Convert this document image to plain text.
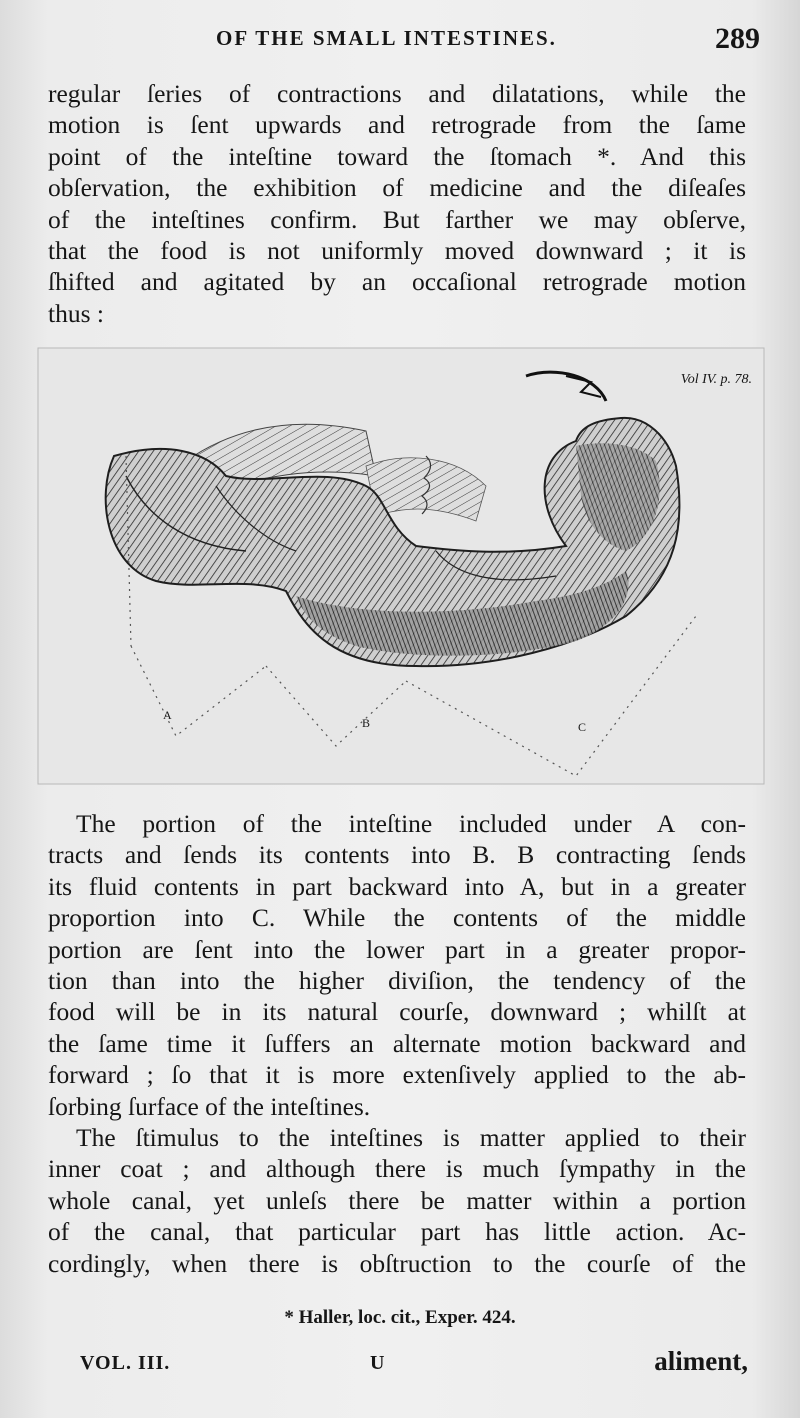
OF THE SMALL INTESTINES.	289

regular ſeries of contractions and dilatations, while the
motion is ſent upwards and retrograde from the ſame
point of the inteſtine toward the ſtomach *. And this
obſervation, the exhibition of medicine and the diſeaſes
of the inteſtines confirm. But farther we may obſerve,
that the food is not uniformly moved downward ; it is
ſhifted and agitated by an occaſional retrograde motion
thus :

Vol IV. p. 78.
A
B	C

The portion of the inteſtine included under A con-
tracts and ſends its contents into B. B contracting ſends
its fluid contents in part backward into A, but in a greater
proportion into C. While the contents of the middle
portion are ſent into the lower part in a greater propor-
tion than into the higher diviſion, the tendency of the
food will be in its natural courſe, downward ; whilſt at
the ſame time it ſuffers an alternate motion backward and
forward ; ſo that it is more extenſively applied to the ab-
ſorbing ſurface of the inteſtines.

The ſtimulus to the inteſtines is matter applied to their
inner coat ; and although there is much ſympathy in the
whole canal, yet unleſs there be matter within a portion
of the canal, that particular part has little action. Ac-
cordingly, when there is obſtruction to the courſe of the

* Haller, loc. cit., Exper. 424.
VOL. III.	U	aliment,
